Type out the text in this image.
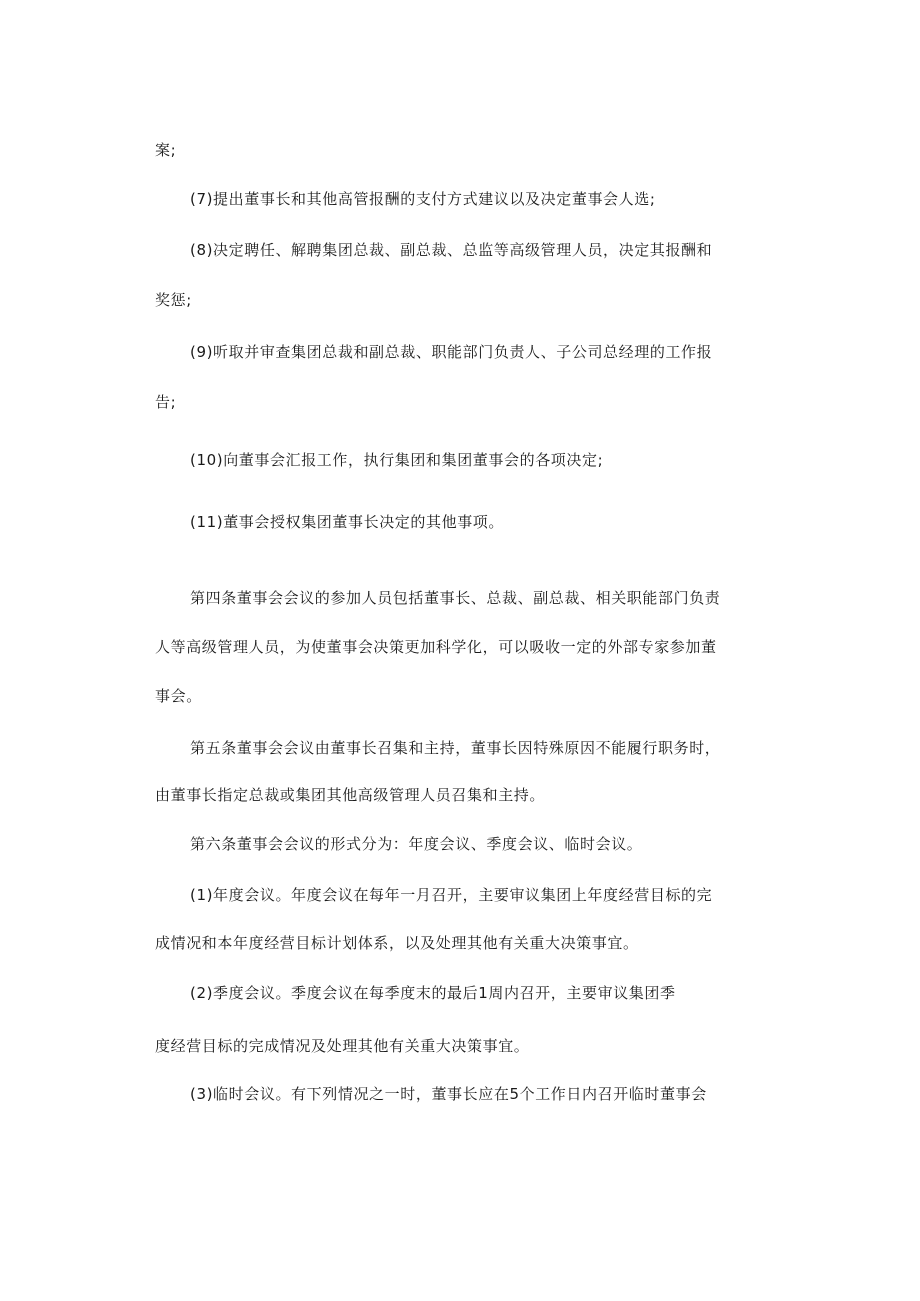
案;
(7)提出董事长和其他高管报酬的支付方式建议以及决定董事会人选;
(8)决定聘任、解聘集团总裁、副总裁、总监等高级管理人员，决定其报酬和
奖惩;
(9)听取并审查集团总裁和副总裁、职能部门负责人、子公司总经理的工作报
告;
(10)向董事会汇报工作，执行集团和集团董事会的各项决定;
(11)董事会授权集团董事长决定的其他事项。
第四条董事会会议的参加人员包括董事长、总裁、副总裁、相关职能部门负责
人等高级管理人员，为使董事会决策更加科学化，可以吸收一定的外部专家参加董
事会。
第五条董事会会议由董事长召集和主持，董事长因特殊原因不能履行职务时，
由董事长指定总裁或集团其他高级管理人员召集和主持。
第六条董事会会议的形式分为：年度会议、季度会议、临时会议。
(1)年度会议。年度会议在每年一月召开，主要审议集团上年度经营目标的完
成情况和本年度经营目标计划体系，以及处理其他有关重大决策事宜。
(2)季度会议。季度会议在每季度末的最后1周内召开，主要审议集团季
度经营目标的完成情况及处理其他有关重大决策事宜。
(3)临时会议。有下列情况之一时，董事长应在5个工作日内召开临时董事会
